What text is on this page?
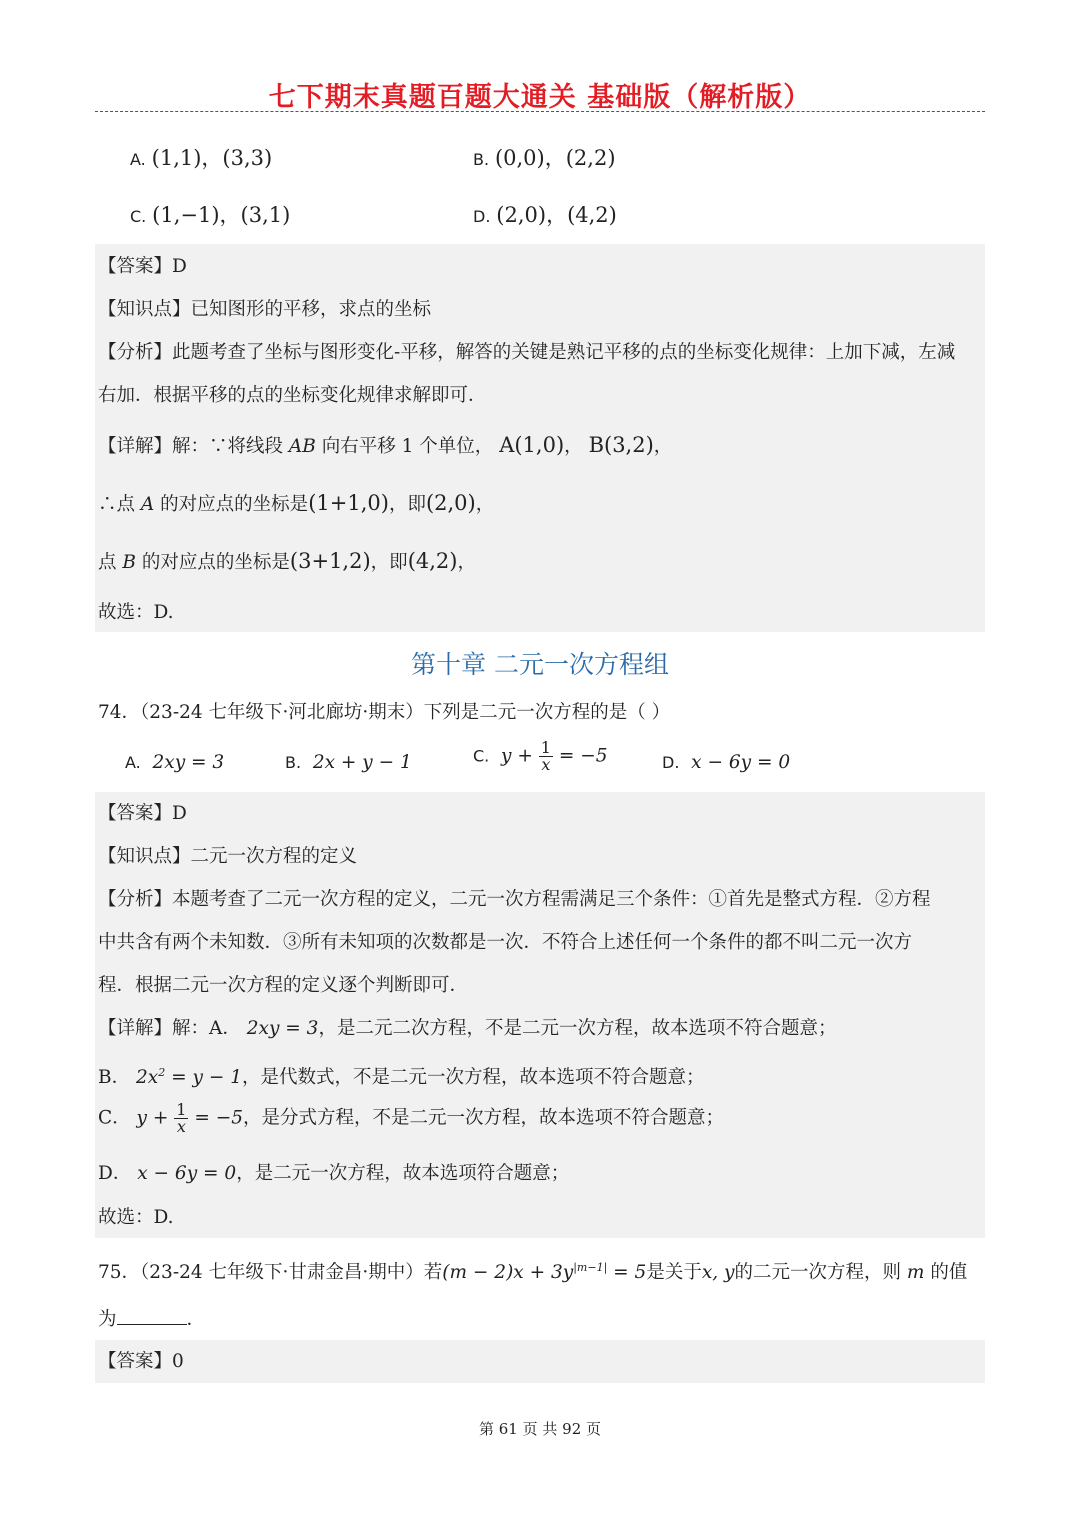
七下期末真题百题大通关 基础版（解析版）
A. (1,1)，(3,3)	B. (0,0)，(2,2)
C. (1,−1)，(3,1)	D. (2,0)，(4,2)
【答案】D
【知识点】已知图形的平移，求点的坐标
【分析】此题考查了坐标与图形变化-平移，解答的关键是熟记平移的点的坐标变化规律：上加下减，左减
右加．根据平移的点的坐标变化规律求解即可．
【详解】解：∵将线段 AB 向右平移 1 个单位， A(1,0)， B(3,2)，
∴点 A 的对应点的坐标是(1+1,0)，即(2,0)，
点 B 的对应点的坐标是(3+1,2)，即(4,2)，
故选：D.
第十章 二元一次方程组
74．（23-24 七年级下·河北廊坊·期末）下列是二元一次方程的是（ ）
A. 2xy = 3	B. 2x + y − 1	C. $y + \frac{1}{x} = -5$	D. x − 6y = 0
【答案】D
【知识点】二元一次方程的定义
【分析】本题考查了二元一次方程的定义，二元一次方程需满足三个条件：①首先是整式方程．②方程
中共含有两个未知数．③所有未知项的次数都是一次．不符合上述任何一个条件的都不叫二元一次方
程．根据二元一次方程的定义逐个判断即可．
【详解】解：A． 2xy = 3，是二元二次方程，不是二元一次方程，故本选项不符合题意；
B． $2x^2 = y - 1$，是代数式，不是二元一次方程，故本选项不符合题意；
C． $y + \frac{1}{x} = -5$，是分式方程，不是二元一次方程，故本选项不符合题意；
D． x − 6y = 0，是二元一次方程，故本选项符合题意；
故选：D.
75．（23-24 七年级下·甘肃金昌·期中）若$(m - 2)x + 3y^{|m-1|} = 5$是关于x, y的二元一次方程，则 m 的值
为	．
【答案】0
第 61 页 共 92 页
